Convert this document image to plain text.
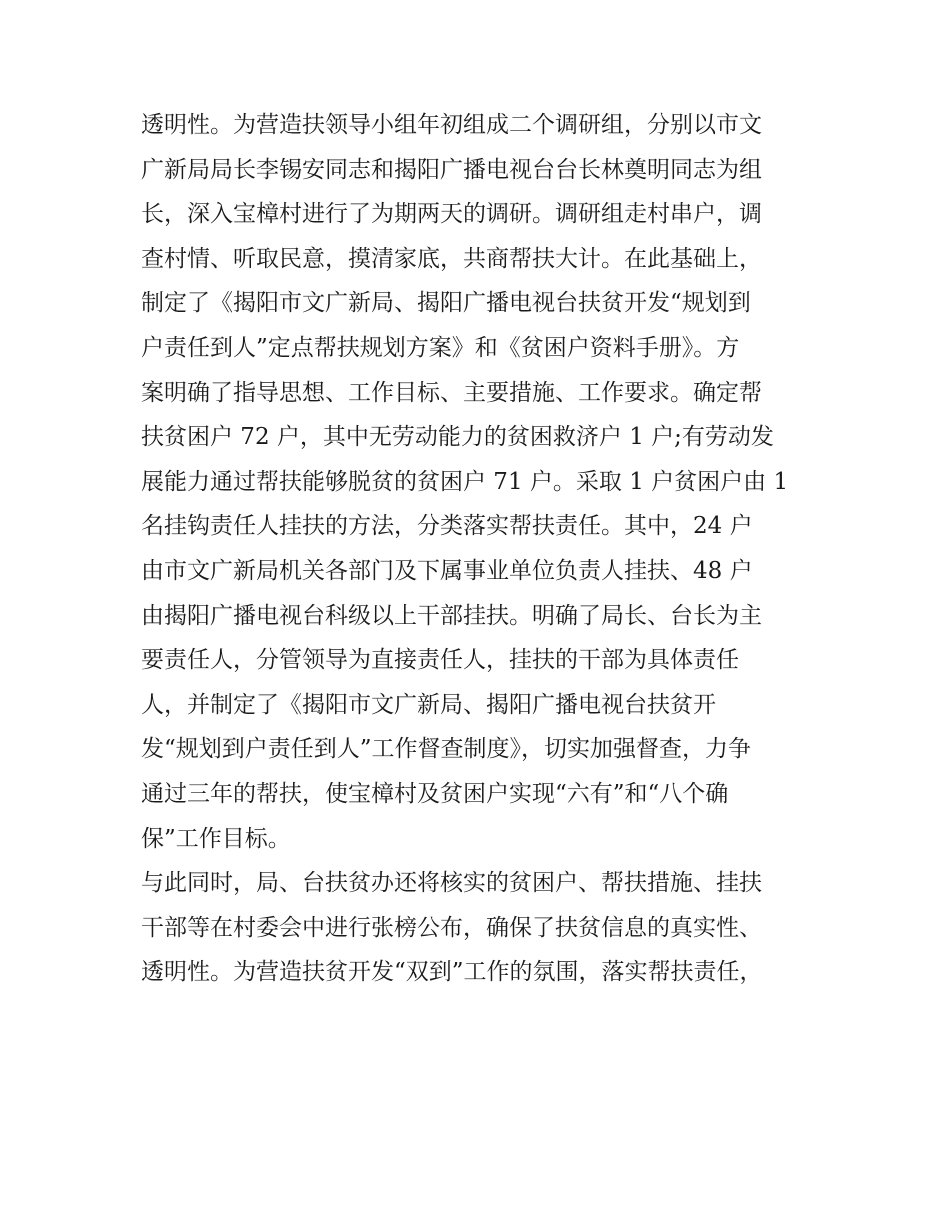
透明性。为营造扶领导小组年初组成二个调研组，分别以市文
广新局局长李锡安同志和揭阳广播电视台台长林奠明同志为组
长，深入宝樟村进行了为期两天的调研。调研组走村串户，调
查村情、听取民意，摸清家底，共商帮扶大计。在此基础上，
制定了《揭阳市文广新局、揭阳广播电视台扶贫开发“规划到
户责任到人”定点帮扶规划方案》和《贫困户资料手册》。方
案明确了指导思想、工作目标、主要措施、工作要求。确定帮
扶贫困户 72 户，其中无劳动能力的贫困救济户 1 户;有劳动发
展能力通过帮扶能够脱贫的贫困户 71 户。采取 1 户贫困户由 1
名挂钩责任人挂扶的方法，分类落实帮扶责任。其中，24 户
由市文广新局机关各部门及下属事业单位负责人挂扶、48 户
由揭阳广播电视台科级以上干部挂扶。明确了局长、台长为主
要责任人，分管领导为直接责任人，挂扶的干部为具体责任
人，并制定了《揭阳市文广新局、揭阳广播电视台扶贫开
发“规划到户责任到人”工作督查制度》，切实加强督查，力争
通过三年的帮扶，使宝樟村及贫困户实现“六有”和“八个确
保”工作目标。
与此同时，局、台扶贫办还将核实的贫困户、帮扶措施、挂扶
干部等在村委会中进行张榜公布，确保了扶贫信息的真实性、
透明性。为营造扶贫开发“双到”工作的氛围，落实帮扶责任，
